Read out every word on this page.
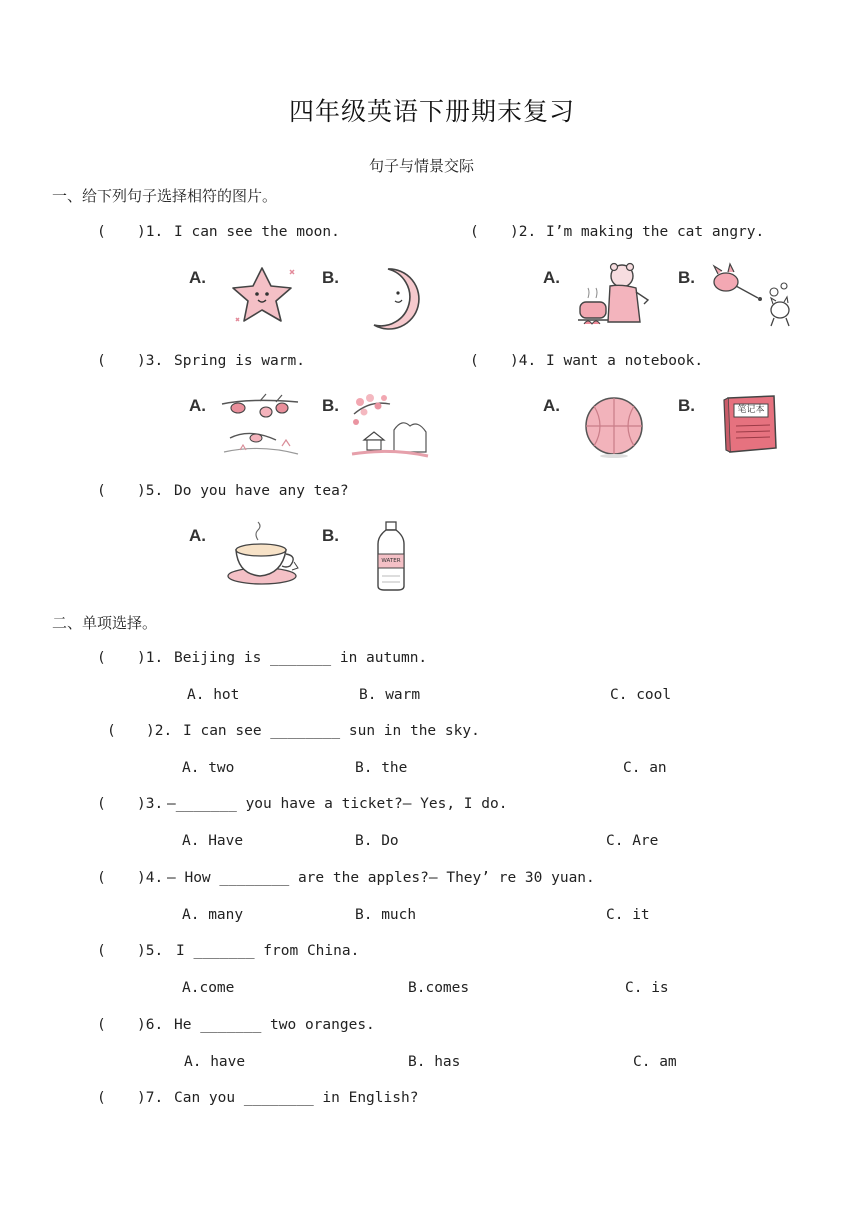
四年级英语下册期末复习
句子与情景交际
一、给下列句子选择相符的图片。
( )1. I can see the moon.
A.	B.
( )2. I’m making the cat angry.
A.	B.
( )3. Spring is warm.
A.	B.
( )4. I want a notebook.
A.	B.	笔记本
( )5. Do you have any tea?
A.	B.
WATER
二、单项选择。
( )1. Beijing is _______ in autumn.
A. hot	B. warm	C. cool
( )2. I can see ________ sun in the sky.
A. two	B. the	C. an
( )3. —_______ you have a ticket?— Yes, I do.
A. Have	B. Do	C. Are
( )4. — How ________ are the apples?— They’ re 30 yuan.
A. many	B. much	C. it
( )5. I _______ from China.
A.come	B.comes	C. is
( )6. He _______ two oranges.
A. have	B. has	C. am
( )7. Can you ________ in English?
